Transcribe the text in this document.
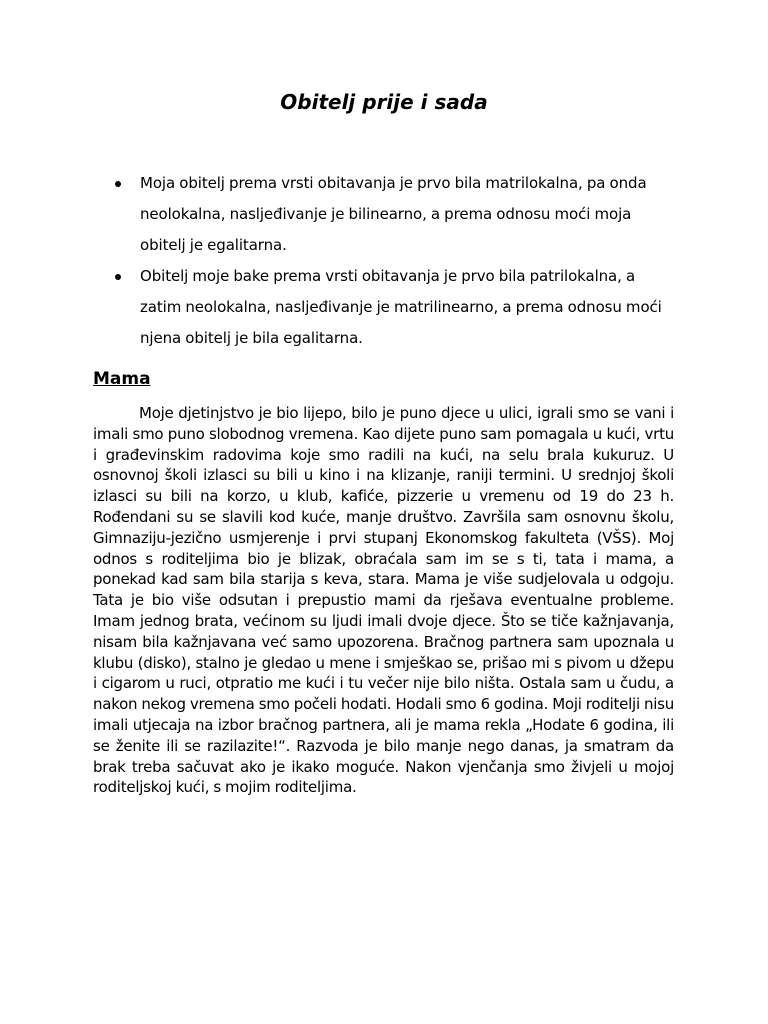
Obitelj prije i sada
Moja obitelj prema vrsti obitavanja je prvo bila matrilokalna, pa onda neolokalna, nasljeđivanje je bilinearno, a prema odnosu moći moja obitelj je egalitarna.
Obitelj moje bake prema vrsti obitavanja je prvo bila patrilokalna, a zatim neolokalna, nasljeđivanje je matrilinearno, a prema odnosu moći njena obitelj je bila egalitarna.
Mama

Moje djetinjstvo je bio lijepo, bilo je puno djece u ulici, igrali smo se vani i imali smo puno slobodnog vremena. Kao dijete puno sam pomagala u kući, vrtu i građevinskim radovima koje smo radili na kući, na selu brala kukuruz. U osnovnoj školi izlasci su bili u kino i na klizanje, raniji termini. U srednjoj školi izlasci su bili na korzo, u klub, kafiće, pizzerie u vremenu od 19 do 23 h. Rođendani su se slavili kod kuće, manje društvo. Završila sam osnovnu školu, Gimnaziju-jezično usmjerenje i prvi stupanj Ekonomskog fakulteta (VŠS). Moj odnos s roditeljima bio je blizak, obraćala sam im se s ti, tata i mama, a ponekad kad sam bila starija s keva, stara. Mama je više sudjelovala u odgoju. Tata je bio više odsutan i prepustio mami da rješava eventualne probleme. Imam jednog brata, većinom su ljudi imali dvoje djece. Što se tiče kažnjavanja, nisam bila kažnjavana već samo upozorena. Bračnog partnera sam upoznala u klubu (disko), stalno je gledao u mene i smješkao se, prišao mi s pivom u džepu i cigarom u ruci, otpratio me kući i tu večer nije bilo ništa. Ostala sam u čudu, a nakon nekog vremena smo počeli hodati. Hodali smo 6 godina. Moji roditelji nisu imali utjecaja na izbor bračnog partnera, ali je mama rekla „Hodate 6 godina, ili se ženite ili se razilazite!“. Razvoda je bilo manje nego danas, ja smatram da brak treba sačuvat ako je ikako moguće. Nakon vjenčanja smo živjeli u mojoj roditeljskoj kući, s mojim roditeljima.
